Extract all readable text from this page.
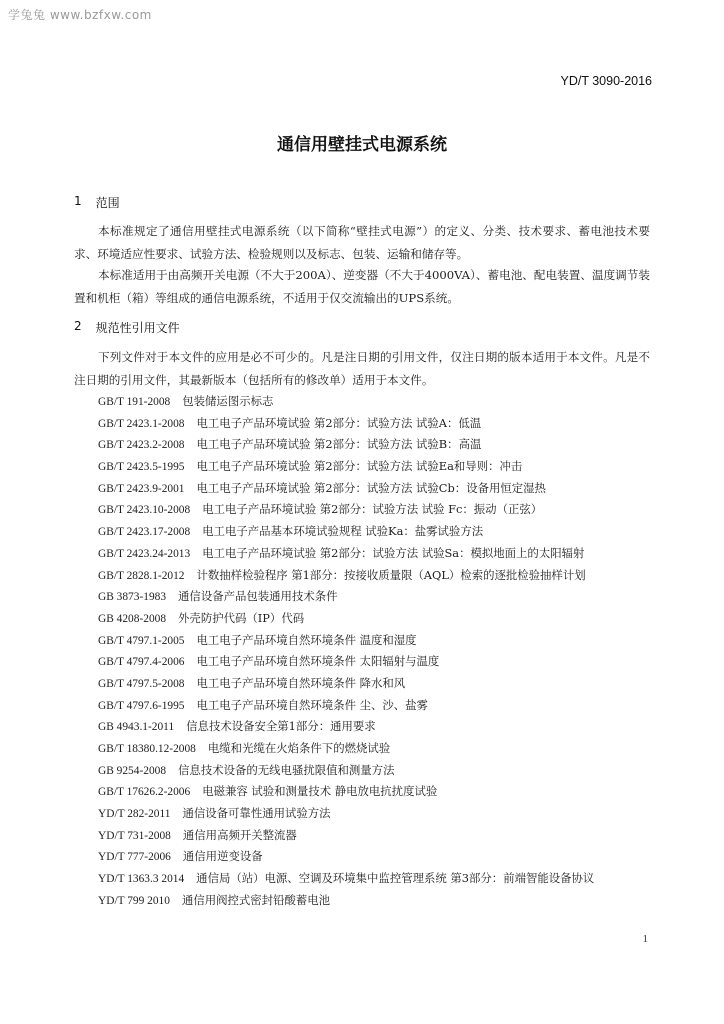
学兔兔 www.bzfxw.com
YD/T 3090-2016
通信用壁挂式电源系统
1 范围
本标准规定了通信用壁挂式电源系统（以下简称“壁挂式电源”）的定义、分类、技术要求、蓄电池技术要求、环境适应性要求、试验方法、检验规则以及标志、包装、运输和储存等。
本标准适用于由高频开关电源（不大于200A）、逆变器（不大于4000VA）、蓄电池、配电装置、温度调节装置和机柜（箱）等组成的通信电源系统，不适用于仅交流输出的UPS系统。
2 规范性引用文件
下列文件对于本文件的应用是必不可少的。凡是注日期的引用文件，仅注日期的版本适用于本文件。凡是不注日期的引用文件，其最新版本（包括所有的修改单）适用于本文件。
GB/T 191-2008 包装储运图示标志
GB/T 2423.1-2008 电工电子产品环境试验 第2部分：试验方法 试验A：低温
GB/T 2423.2-2008 电工电子产品环境试验 第2部分：试验方法 试验B：高温
GB/T 2423.5-1995 电工电子产品环境试验 第2部分：试验方法 试验Ea和导则：冲击
GB/T 2423.9-2001 电工电子产品环境试验 第2部分：试验方法 试验Cb：设备用恒定湿热
GB/T 2423.10-2008 电工电子产品环境试验 第2部分：试验方法 试验 Fc：振动（正弦）
GB/T 2423.17-2008 电工电子产品基本环境试验规程 试验Ka：盐雾试验方法
GB/T 2423.24-2013 电工电子产品环境试验 第2部分：试验方法 试验Sa：模拟地面上的太阳辐射
GB/T 2828.1-2012 计数抽样检验程序 第1部分：按接收质量限（AQL）检索的逐批检验抽样计划
GB 3873-1983 通信设备产品包装通用技术条件
GB 4208-2008 外壳防护代码（IP）代码
GB/T 4797.1-2005 电工电子产品环境自然环境条件 温度和湿度
GB/T 4797.4-2006 电工电子产品环境自然环境条件 太阳辐射与温度
GB/T 4797.5-2008 电工电子产品环境自然环境条件 降水和风
GB/T 4797.6-1995 电工电子产品环境自然环境条件 尘、沙、盐雾
GB 4943.1-2011 信息技术设备安全第1部分：通用要求
GB/T 18380.12-2008 电缆和光缆在火焰条件下的燃烧试验
GB 9254-2008 信息技术设备的无线电骚扰限值和测量方法
GB/T 17626.2-2006 电磁兼容 试验和测量技术 静电放电抗扰度试验
YD/T 282-2011 通信设备可靠性通用试验方法
YD/T 731-2008 通信用高频开关整流器
YD/T 777-2006 通信用逆变设备
YD/T 1363.3 2014 通信局（站）电源、空调及环境集中监控管理系统 第3部分：前端智能设备协议
YD/T 799 2010 通信用阀控式密封铅酸蓄电池
1
